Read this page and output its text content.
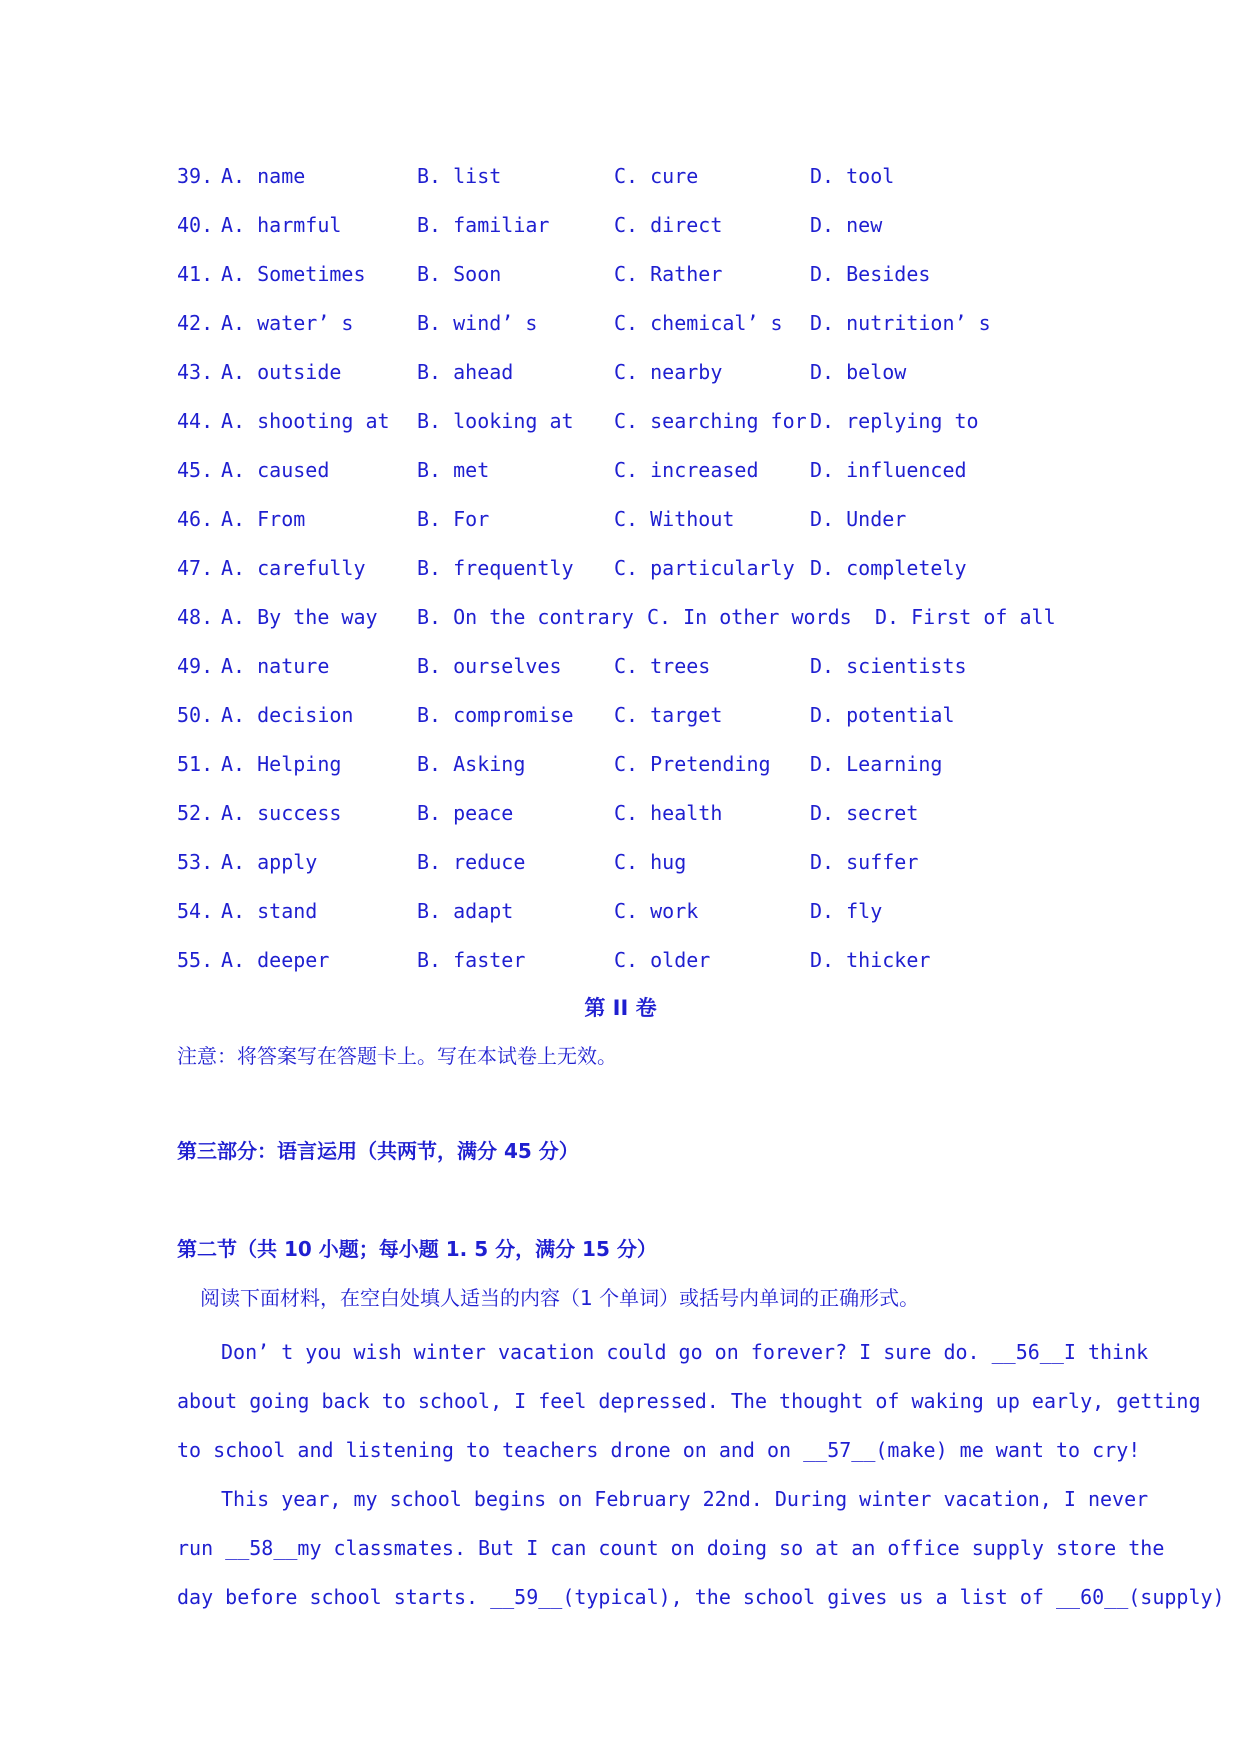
39. A. name	B. list	C. cure	D. tool
40. A. harmful	B. familiar	C. direct	D. new
41. A. Sometimes	B. Soon	C. Rather	D. Besides
42. A. water’ s	B. wind’ s	C. chemical’ s D. nutrition’ s
43. A. outside	B. ahead	C. nearby	D. below
44. A. shooting at B. looking at C. searching for D. replying to
45. A. caused	B. met	C. increased	D. influenced
46. A. From	B. For	C. Without	D. Under
47. A. carefully	B. frequently C. particularly D. completely
48. A. By the way B. On the contrary C. In other words D. First of all
49. A. nature	B. ourselves	C. trees	D. scientists
50. A. decision	B. compromise C. target	D. potential
51. A. Helping	B. Asking	C. Pretending D. Learning
52. A. success	B. peace	C. health	D. secret
53. A. apply	B. reduce	C. hug	D. suffer
54. A. stand	B. adapt	C. work	D. fly
55. A. deeper	B. faster	C. older	D. thicker
第 II 卷
注意：将答案写在答题卡上。写在本试卷上无效。
第三部分：语言运用（共两节，满分 45 分）
第二节（共 10 小题；每小题 1. 5 分，满分 15 分）
阅读下面材料，在空白处填人适当的内容（1 个单词）或括号内单词的正确形式。
Don’ t you wish winter vacation could go on forever? I sure do. __56__I think
about going back to school, I feel depressed. The thought of waking up early, getting
to school and listening to teachers drone on and on __57__(make) me want to cry!
This year, my school begins on February 22nd. During winter vacation, I never
run __58__my classmates. But I can count on doing so at an office supply store the
day before school starts. __59__(typical), the school gives us a list of __60__(supply)
